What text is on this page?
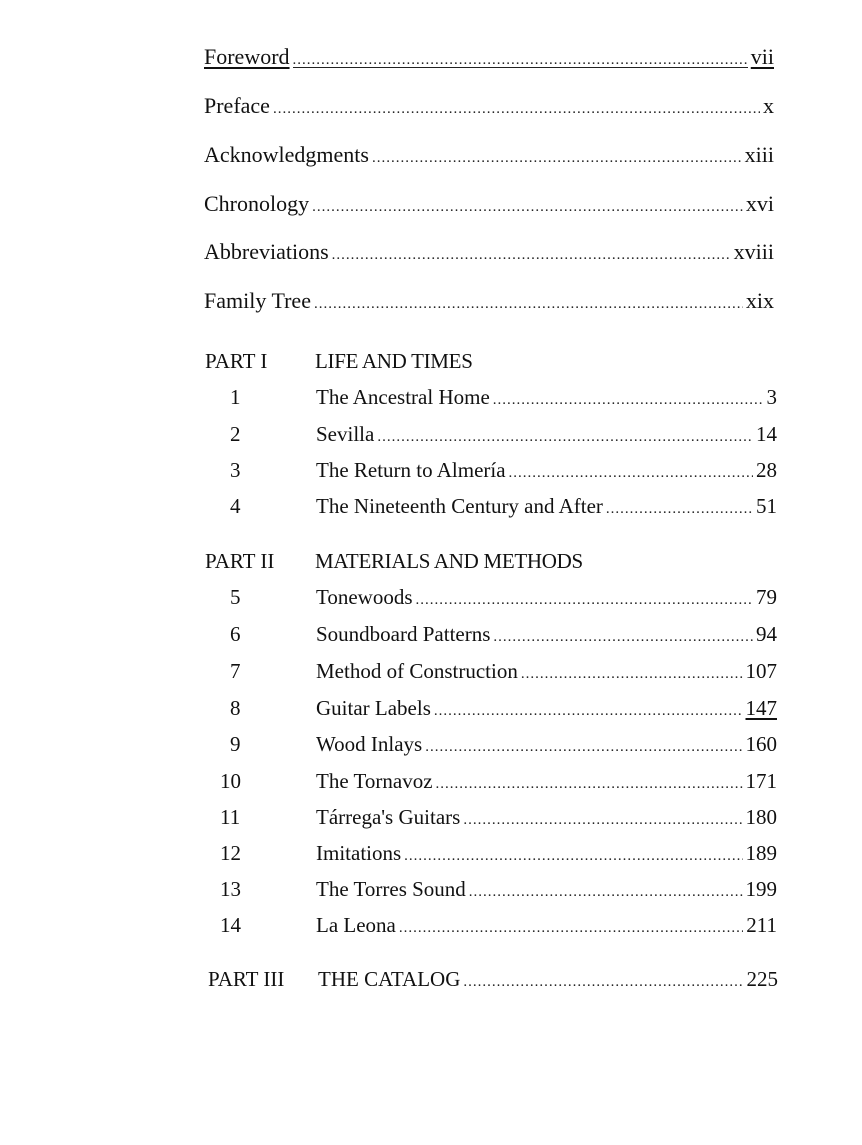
Foreword .....	vii
Preface .....	x
Acknowledgments .....	xiii
Chronology .....	xvi
Abbreviations .....	xviii
Family Tree .....	xix
PART I	LIFE AND TIMES
1	The Ancestral Home .....	3
2	Sevilla .....	14
3	The Return to Almería .....	28
4	The Nineteenth Century and After .....	51
PART II	MATERIALS AND METHODS
5	Tonewoods .....	79
6	Soundboard Patterns .....	94
7	Method of Construction .....	107
8	Guitar Labels .....	147
9	Wood Inlays .....	160
10	The Tornavoz .....	171
11	Tárrega's Guitars .....	180
12	Imitations .....	189
13	The Torres Sound .....	199
14	La Leona .....	211
PART III	THE CATALOG .....	225
